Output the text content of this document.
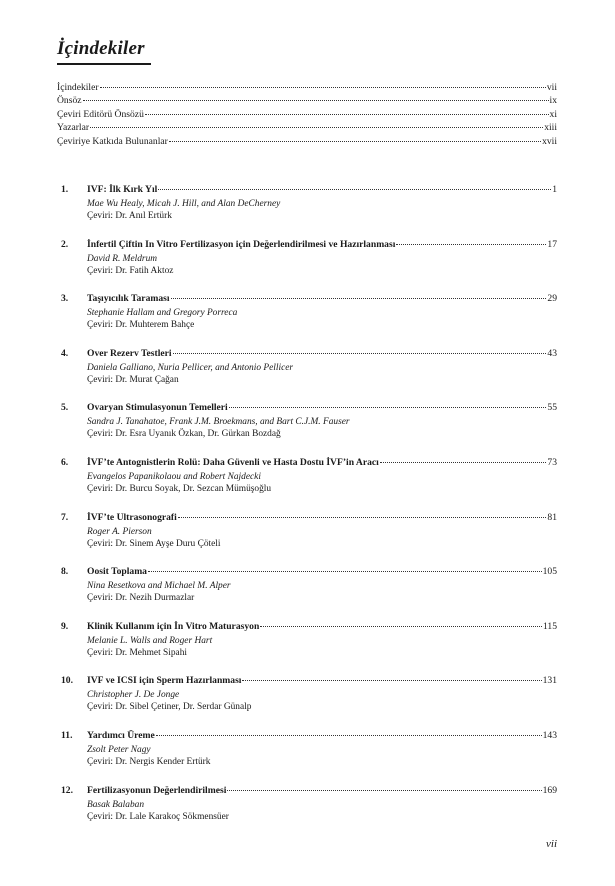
İçindekiler
İçindekiler	vii
Önsöz	ix
Çeviri Editörü Önsözü	xi
Yazarlar	xiii
Çeviriye Katkıda Bulunanlar	xvii
1.	IVF: İlk Kırk Yıl	1
Mae Wu Healy, Micah J. Hill, and Alan DeCherney
Çeviri: Dr. Anıl Ertürk
2.	İnfertil Çiftin In Vitro Fertilizasyon için Değerlendirilmesi ve Hazırlanması	17
David R. Meldrum
Çeviri: Dr. Fatih Aktoz
3.	Taşıyıcılık Taraması	29
Stephanie Hallam and Gregory Porreca
Çeviri: Dr. Muhterem Bahçe
4.	Over Rezerv Testleri	43
Daniela Galliano, Nuria Pellicer, and Antonio Pellicer
Çeviri: Dr. Murat Çağan
5.	Ovaryan Stimulasyonun Temelleri	55
Sandra J. Tanahatoe, Frank J.M. Broekmans, and Bart C.J.M. Fauser
Çeviri: Dr. Esra Uyanık Özkan, Dr. Gürkan Bozdağ
6.	İVF’te Antognistlerin Rolü: Daha Güvenli ve Hasta Dostu İVF’in Aracı	73
Evangelos Papanikolaou and Robert Najdecki
Çeviri: Dr. Burcu Soyak, Dr. Sezcan Mümüşoğlu
7.	İVF’te Ultrasonografi	81
Roger A. Pierson
Çeviri: Dr. Sinem Ayşe Duru Çöteli
8.	Oosit Toplama	105
Nina Resetkova and Michael M. Alper
Çeviri: Dr. Nezih Durmazlar
9.	Klinik Kullanım için İn Vitro Maturasyon	115
Melanie L. Walls and Roger Hart
Çeviri: Dr. Mehmet Sipahi
10.	IVF ve ICSI için Sperm Hazırlanması	131
Christopher J. De Jonge
Çeviri: Dr. Sibel Çetiner, Dr. Serdar Günalp
11.	Yardımcı Üreme	143
Zsolt Peter Nagy
Çeviri: Dr. Nergis Kender Ertürk
12.	Fertilizasyonun Değerlendirilmesi	169
Basak Balaban
Çeviri: Dr. Lale Karakoç Sökmensüer
vii
